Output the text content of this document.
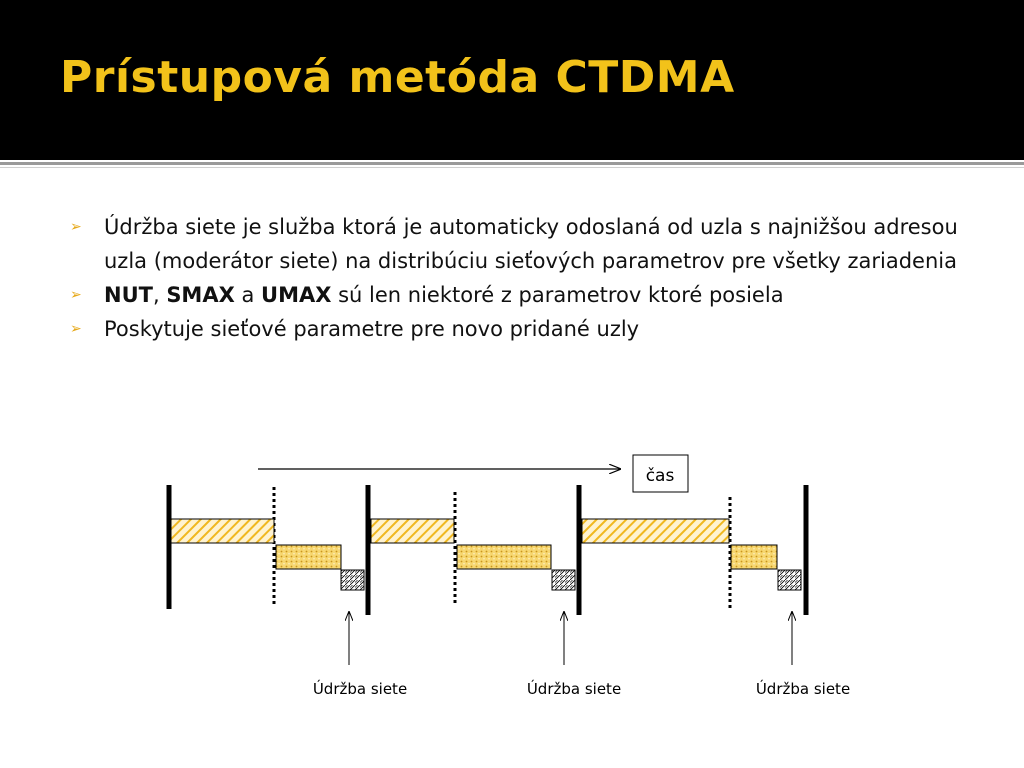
Prístupová metóda CTDMA
➢ Údržba siete je služba ktorá je automaticky odoslaná od uzla s najnižšou adresou uzla (moderátor siete) na distribúciu sieťových parametrov pre všetky zariadenia
➢ NUT, SMAX a UMAX sú len niektoré z parametrov ktoré posiela
➢ Poskytuje sieťové parametre pre novo pridané uzly
čas
Údržba siete	Údržba siete	Údržba siete
